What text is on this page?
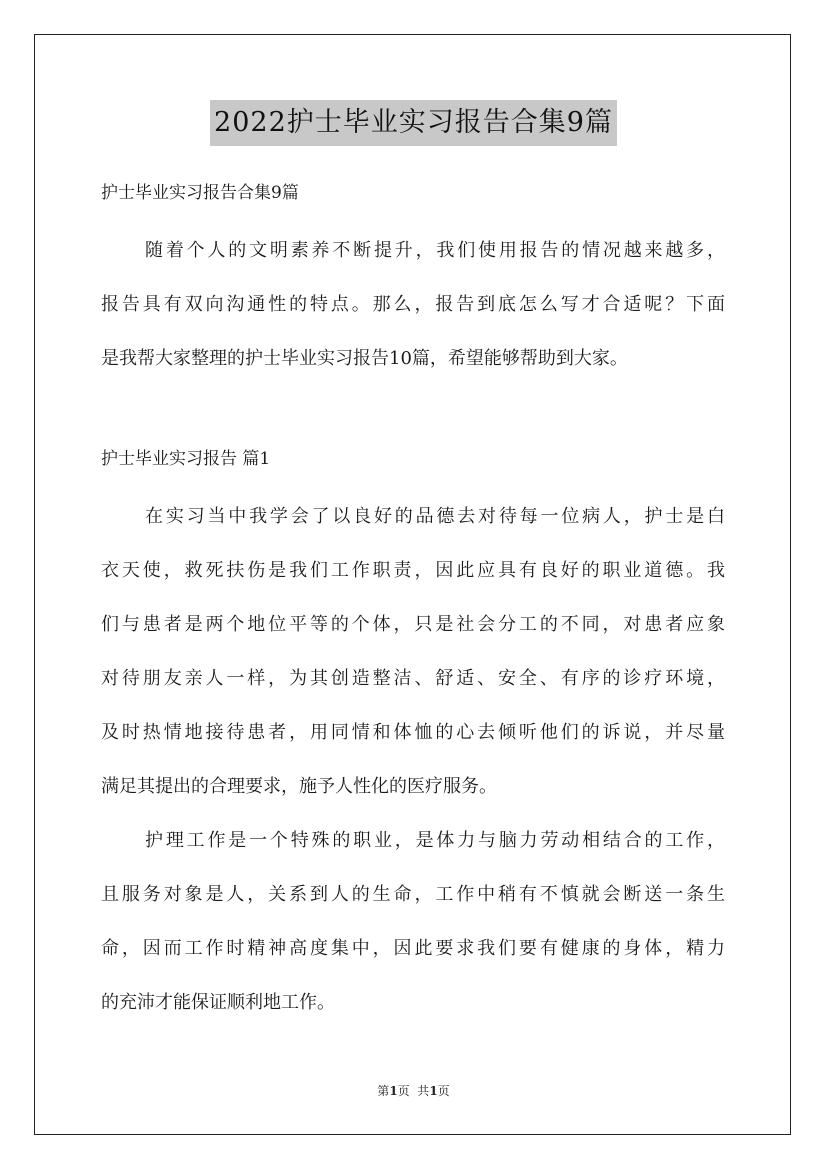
2022护士毕业实习报告合集9篇
护士毕业实习报告合集9篇
随着个人的文明素养不断提升，我们使用报告的情况越来越多，
报告具有双向沟通性的特点。那么，报告到底怎么写才合适呢？下面
是我帮大家整理的护士毕业实习报告10篇，希望能够帮助到大家。
护士毕业实习报告 篇1
在实习当中我学会了以良好的品德去对待每一位病人，护士是白
衣天使，救死扶伤是我们工作职责，因此应具有良好的职业道德。我
们与患者是两个地位平等的个体，只是社会分工的不同，对患者应象
对待朋友亲人一样，为其创造整洁、舒适、安全、有序的诊疗环境，
及时热情地接待患者，用同情和体恤的心去倾听他们的诉说，并尽量
满足其提出的合理要求，施予人性化的医疗服务。
护理工作是一个特殊的职业，是体力与脑力劳动相结合的工作，
且服务对象是人，关系到人的生命，工作中稍有不慎就会断送一条生
命，因而工作时精神高度集中，因此要求我们要有健康的身体，精力
的充沛才能保证顺利地工作。
第1页  共1页
